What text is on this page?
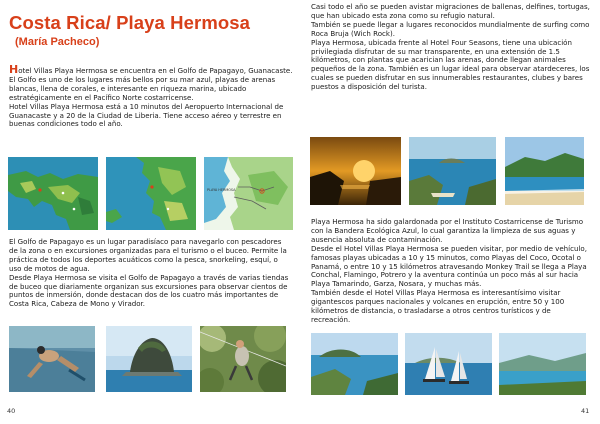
Costa Rica/ Playa Hermosa
(María Pacheco)

Hotel Villas Playa Hermosa se encuentra en el Golfo de Papagayo, Guanacaste. El Golfo es uno de los lugares más bellos por su mar azul, playas de arenas blancas, llena de corales, e interesante en riqueza marina, ubicado estratégicamente en el Pacífico Norte costarricense.

Hotel Villas Playa Hermosa está a 10 minutos del Aeropuerto Internacional de Guanacaste y a 20 de la Ciudad de Liberia. Tiene acceso aéreo y terrestre en buenas condiciones todo el año.

PLAYA HERMOSA

El Golfo de Papagayo es un lugar paradisíaco para navegarlo con pescadores de la zona o en excursiones organizadas para el turismo o el buceo. Permite la práctica de todos los deportes acuáticos como la pesca, snorkeling, esquí, o uso de motos de agua.

Desde Playa Hermosa se visita el Golfo de Papagayo a través de varias tiendas de buceo que diariamente organizan sus excursiones para observar cientos de puntos de inmersión, donde destacan dos de los cuatro más importantes de Costa Rica, Cabeza de Mono y Virador.

40

Casi todo el año se pueden avistar migraciones de ballenas, delfines, tortugas, que han ubicado esta zona como su refugio natural.

También se puede llegar a lugares reconocidos mundialmente de surfing como Roca Bruja (Wich Rock).

Playa Hermosa, ubicada frente al Hotel Four Seasons, tiene una ubicación privilegiada disfrutar de su mar transparente, en una extensión de 1.5 kilómetros, con plantas que acarician las arenas, donde llegan animales pequeños de la zona. También es un lugar ideal para observar atardeceres, los cuales se pueden disfrutar en sus innumerables restaurantes, clubes y bares puestos a disposición del turista.

Playa Hermosa ha sido galardonada por el Instituto Costarricense de Turismo con la Bandera Ecológica Azul, lo cual garantiza la limpieza de sus aguas y ausencia absoluta de contaminación.

Desde el Hotel Villas Playa Hermosa se pueden visitar, por medio de vehículo, famosas playas ubicadas a 10 y 15 minutos, como Playas del Coco, Ocotal o Panamá, o entre 10 y 15 kilómetros atravesando Monkey Trail se llega a Playa Conchal, Flamingo, Potrero y la aventura continúa un poco más al sur hacia Playa Tamarindo, Garza, Nosara, y muchas más.

También desde el Hotel Villas Playa Hermosa es interesantísimo visitar gigantescos parques nacionales y volcanes en erupción, entre 50 y 100 kilómetros de distancia, o trasladarse a otros centros turísticos y de recreación.

41
